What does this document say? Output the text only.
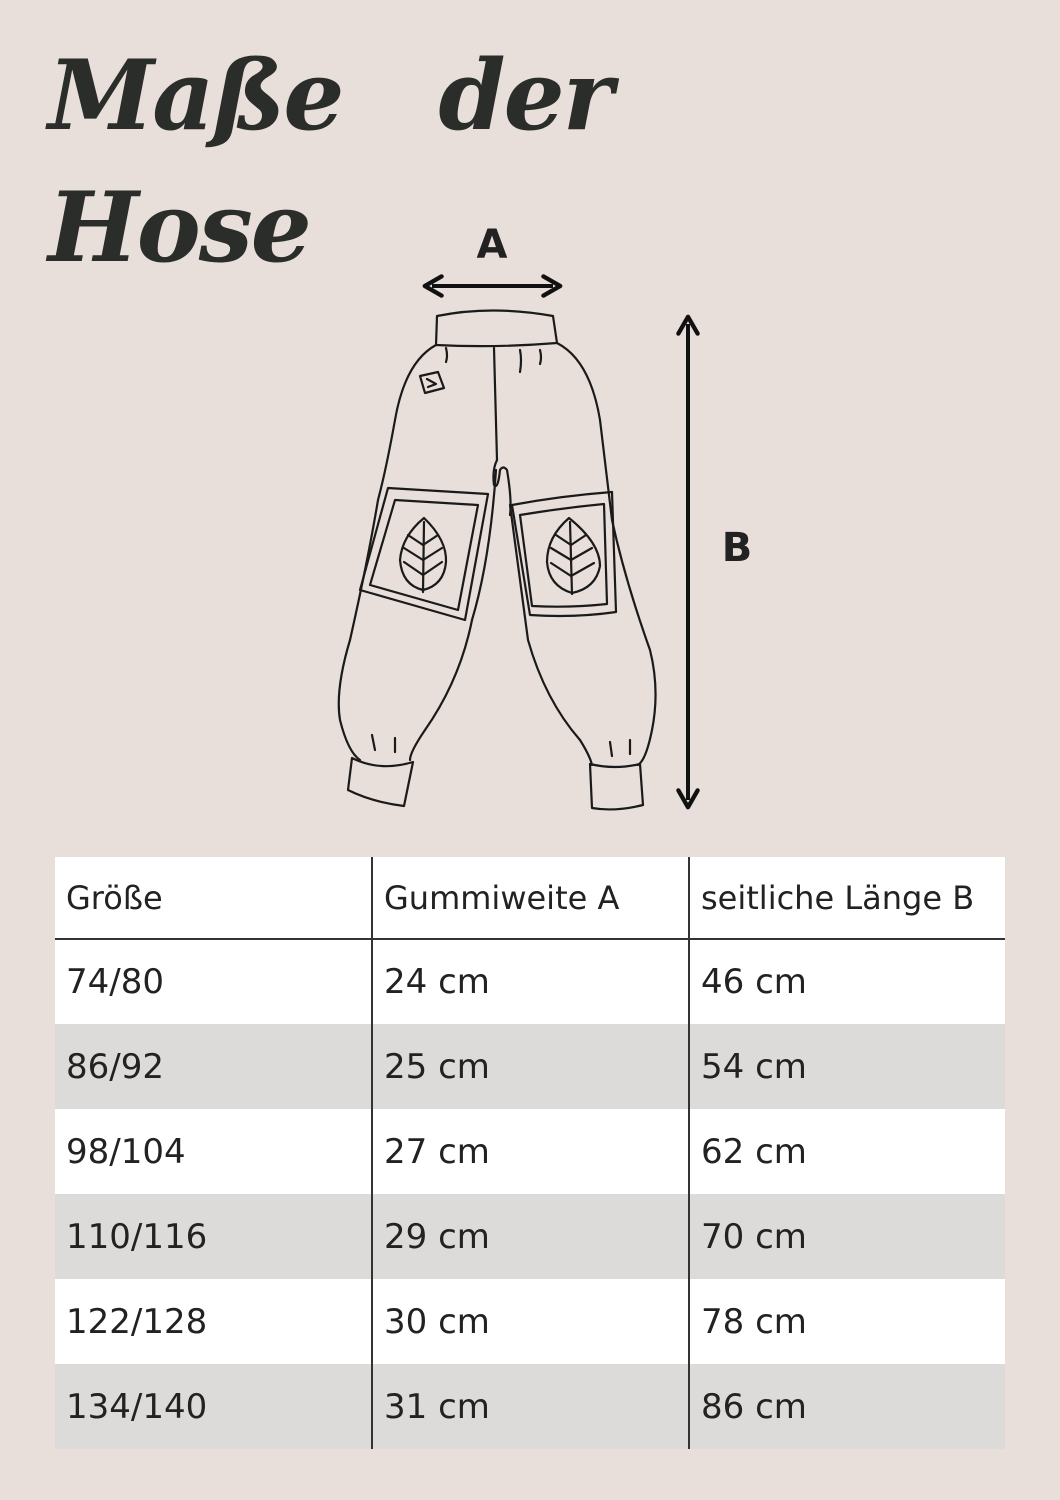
Maße der
Hose	A
B
Größe	Gummiweite A	seitliche Länge B
74/80	24 cm	46 cm
86/92	25 cm	54 cm
98/104	27 cm	62 cm
110/116	29 cm	70 cm
122/128	30 cm	78 cm
134/140	31 cm	86 cm
